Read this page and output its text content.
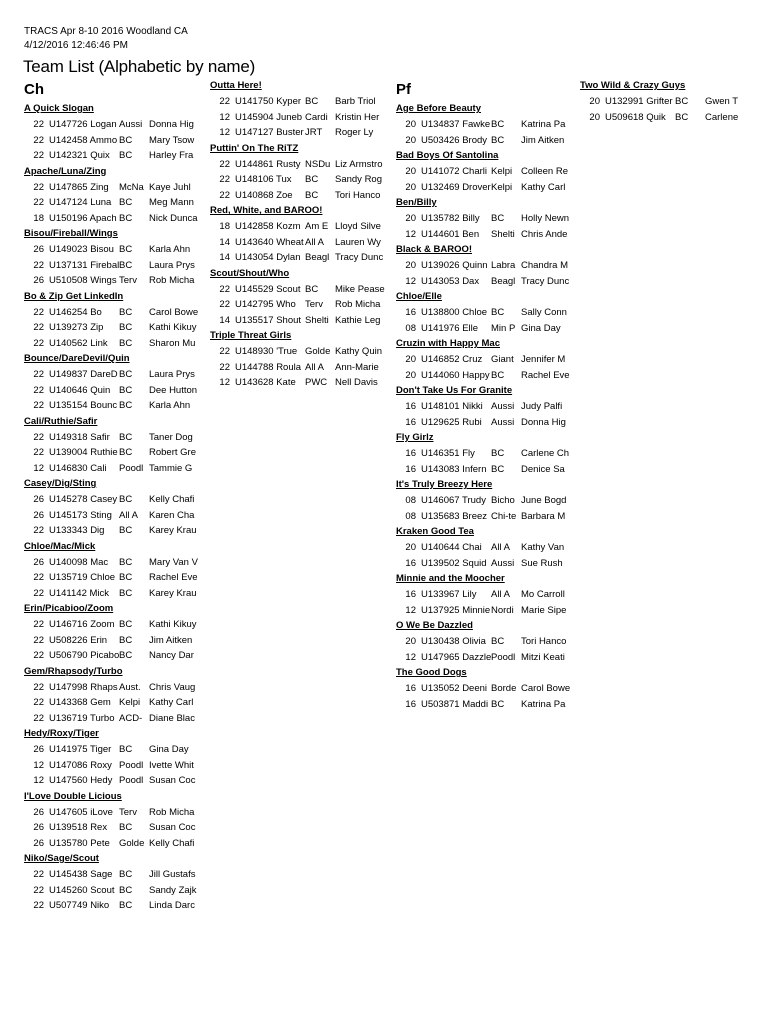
TRACS Apr 8-10 2016 Woodland CA
4/12/2016 12:46:46 PM
Team List (Alphabetic by name)
Ch	Pf
A Quick Slogan
22 U147726 Logan Aussi Donna Hig
22 U142458 Ammo BC	Mary Tsow
22 U142321 Quix BC	Harley Fra
Apache/Luna/Zing
22 U147865 Zing	McNa Kaye Juhl
22 U147124 Luna BC	Meg Mann
18 U150196 Apach BC	Nick Dunca
Bisou/Fireball/Wings
26 U149023 Bisou BC	Karla Ahn
22 U137131 Firebal BC	Laura Prys
26 U510508 Wings Terv	Rob Micha
Bo & Zip Get LinkedIn
22 U146254 Bo	BC	Carol Bowe
22 U139273 Zip	BC	Kathi Kikuy
22 U140562 Link	BC	Sharon Mu
Bounce/DareDevil/Quin
22 U149837 DareD BC	Laura Prys
22 U140646 Quin BC	Dee Hutton
22 U135154 Bounc BC	Karla Ahn
Cali/Ruthie/Safir
22 U149318 Safir BC	Taner Dog
22 U139004 Ruthie BC	Robert Gre
12 U146830 Cali	Poodl Tammie G
Casey/Dig/Sting
26 U145278 Casey BC	Kelly Chafi
26 U145173 Sting All A	Karen Cha
22 U133343 Dig	BC	Karey Krau
Chloe/Mac/Mick
26 U140098 Mac	BC	Mary Van V
22 U135719 Chloe BC	Rachel Eve
22 U141142 Mick	BC	Karey Krau
Erin/Picabioo/Zoom
22 U146716 Zoom BC	Kathi Kikuy
22 U508226 Erin	BC	Jim Aitken
22 U506790 Picabo BC	Nancy Dar
Gem/Rhapsody/Turbo
22 U147998 Rhaps Aust. Chris Vaug
22 U143368 Gem Kelpi Kathy Carl
22 U136719 Turbo ACD- Diane Blac
Hedy/Roxy/Tiger
26 U141975 Tiger BC	Gina Day
12 U147086 Roxy Poodl Ivette Whit
12 U147560 Hedy Poodl Susan Coc
I'Love Double Licious
26 U147605 iLove Terv	Rob Micha
26 U139518 Rex	BC	Susan Coc
26 U135780 Pete Golde Kelly Chafi
Niko/Sage/Scout
22 U145438 Sage BC	Jill Gustafs
22 U145260 Scout BC	Sandy Zajk
22 U507749 Niko	BC	Linda Darc
Outta Here!
22 U141750 Kyper BC	Barb Triol
12 U145904 Juneb Cardi Kristin Her
12 U147127 Buster JRT	Roger Ly
Puttin' On The RiTZ
22 U144861 Rusty NSDu Liz Armstro
22 U148106 Tux	BC	Sandy Rog
22 U140868 Zoe	BC	Tori Hanco
Red, White, and BAROO!
18 U142858 Kozm Am E Lloyd Silve
14 U143640 Wheat All A	Lauren Wy
14 U143054 Dylan Beagl Tracy Dunc
Scout/Shout/Who
22 U145529 Scout BC	Mike Pease
22 U142795 Who Terv	Rob Micha
14 U135517 Shout Shelti Kathie Leg
Triple Threat Girls
22 U148930 'True Golde Kathy Quin
22 U144788 Roula All A	Ann-Marie
12 U143628 Kate PWC Nell Davis
Age Before Beauty
20 U134837 Fawke BC	Katrina Pa
20 U503426 Brody BC	Jim Aitken
Bad Boys Of Santolina
20 U141072 Charli Kelpi Colleen Re
20 U132469 Drover Kelpi Kathy Carl
Ben/Billy
20 U135782 Billy	BC	Holly Newn
12 U144601 Ben	Shelti Chris Ande
Black & BAROO!
20 U139026 Quinn Labra Chandra M
12 U143053 Dax	Beagl Tracy Dunc
Chloe/Elle
16 U138800 Chloe BC	Sally Conn
08 U141976 Elle	Min P Gina Day
Cruzin with Happy Mac
20 U146852 Cruz Giant Jennifer M
20 U144060 Happy BC	Rachel Eve
Don't Take Us For Granite
16 U148101 Nikki Aussi Judy Palfi
16 U129625 Rubi Aussi Donna Hig
Fly Girlz
16 U146351 Fly	BC	Carlene Ch
16 U143083 Infern BC	Denice Sa
It's Truly Breezy Here
08 U146067 Trudy Bicho June Bogd
08 U135683 Breez Chi-te Barbara M
Kraken Good Tea
20 U140644 Chai All A	Kathy Van
16 U139502 Squid Aussi Sue Rush
Minnie and the Moocher
16 U133967 Lily	All A	Mo Carroll
12 U137925 Minnie Nordi Marie Sipe
O We Be Dazzled
20 U130438 Olivia BC	Tori Hanco
12 U147965 Dazzle Poodl Mitzi Keati
The Good Dogs
16 U135052 Deeni Borde Carol Bowe
16 U503871 Maddi BC	Katrina Pa
Two Wild & Crazy Guys
20 U132991 Grifter BC	Gwen T
20 U509618 Quik BC	Carlene
